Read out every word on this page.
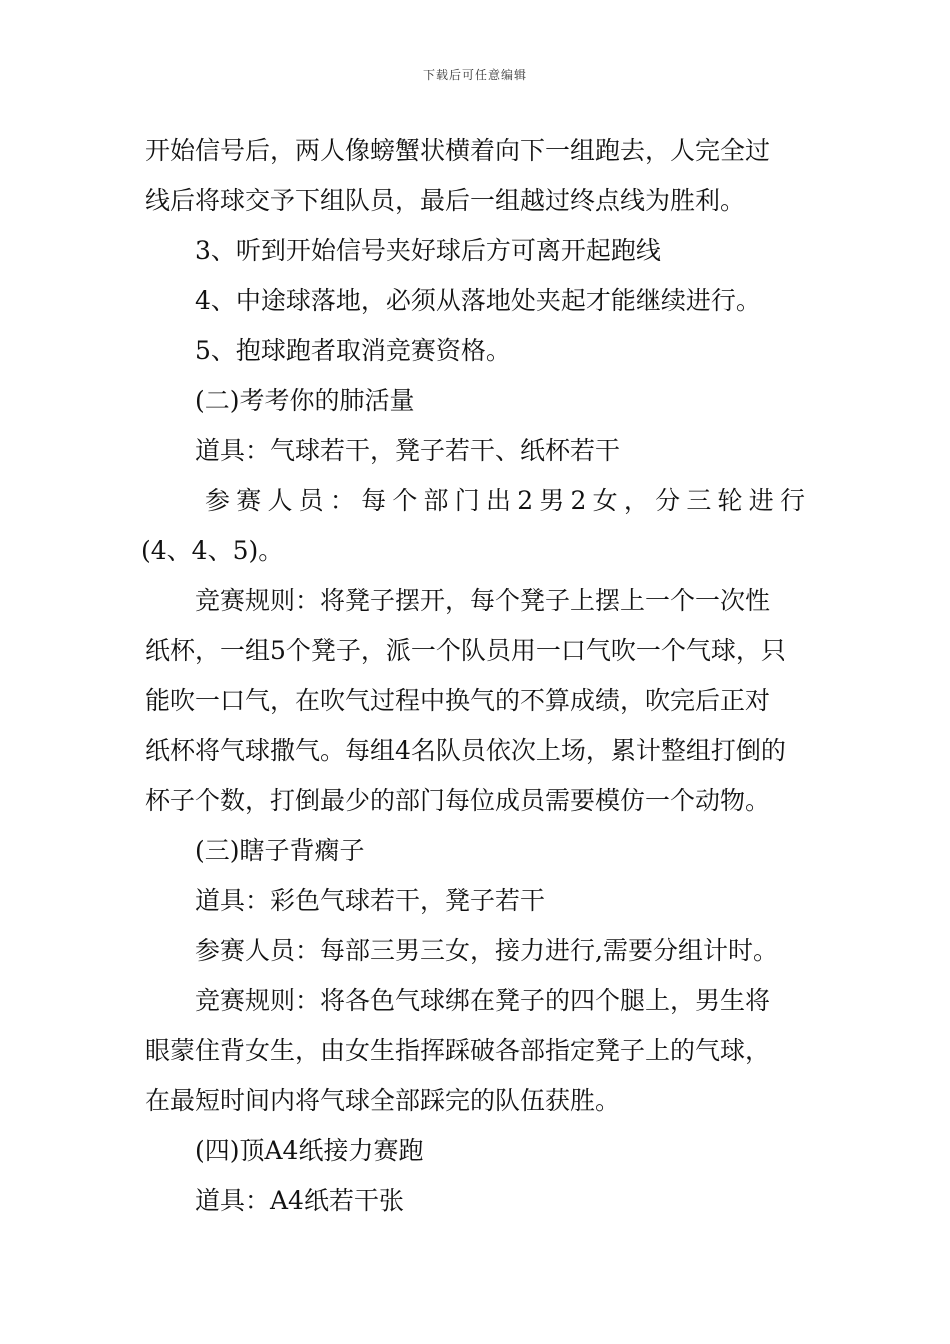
下载后可任意编辑

开始信号后，两人像螃蟹状横着向下一组跑去，人完全过

线后将球交予下组队员，最后一组越过终点线为胜利。

3、听到开始信号夹好球后方可离开起跑线

4、中途球落地，必须从落地处夹起才能继续进行。

5、抱球跑者取消竞赛资格。

(二)考考你的肺活量

道具：气球若干，凳子若干、纸杯若干

参赛人员：每个部门出2男2女，分三轮进行

(4、4、5)。

竞赛规则：将凳子摆开，每个凳子上摆上一个一次性

纸杯，一组5个凳子，派一个队员用一口气吹一个气球，只

能吹一口气，在吹气过程中换气的不算成绩，吹完后正对

纸杯将气球撒气。每组4名队员依次上场，累计整组打倒的

杯子个数，打倒最少的部门每位成员需要模仿一个动物。

(三)瞎子背瘸子

道具：彩色气球若干，凳子若干

参赛人员：每部三男三女，接力进行,需要分组计时。

竞赛规则：将各色气球绑在凳子的四个腿上，男生将

眼蒙住背女生，由女生指挥踩破各部指定凳子上的气球，

在最短时间内将气球全部踩完的队伍获胜。

(四)顶A4纸接力赛跑

道具：A4纸若干张
